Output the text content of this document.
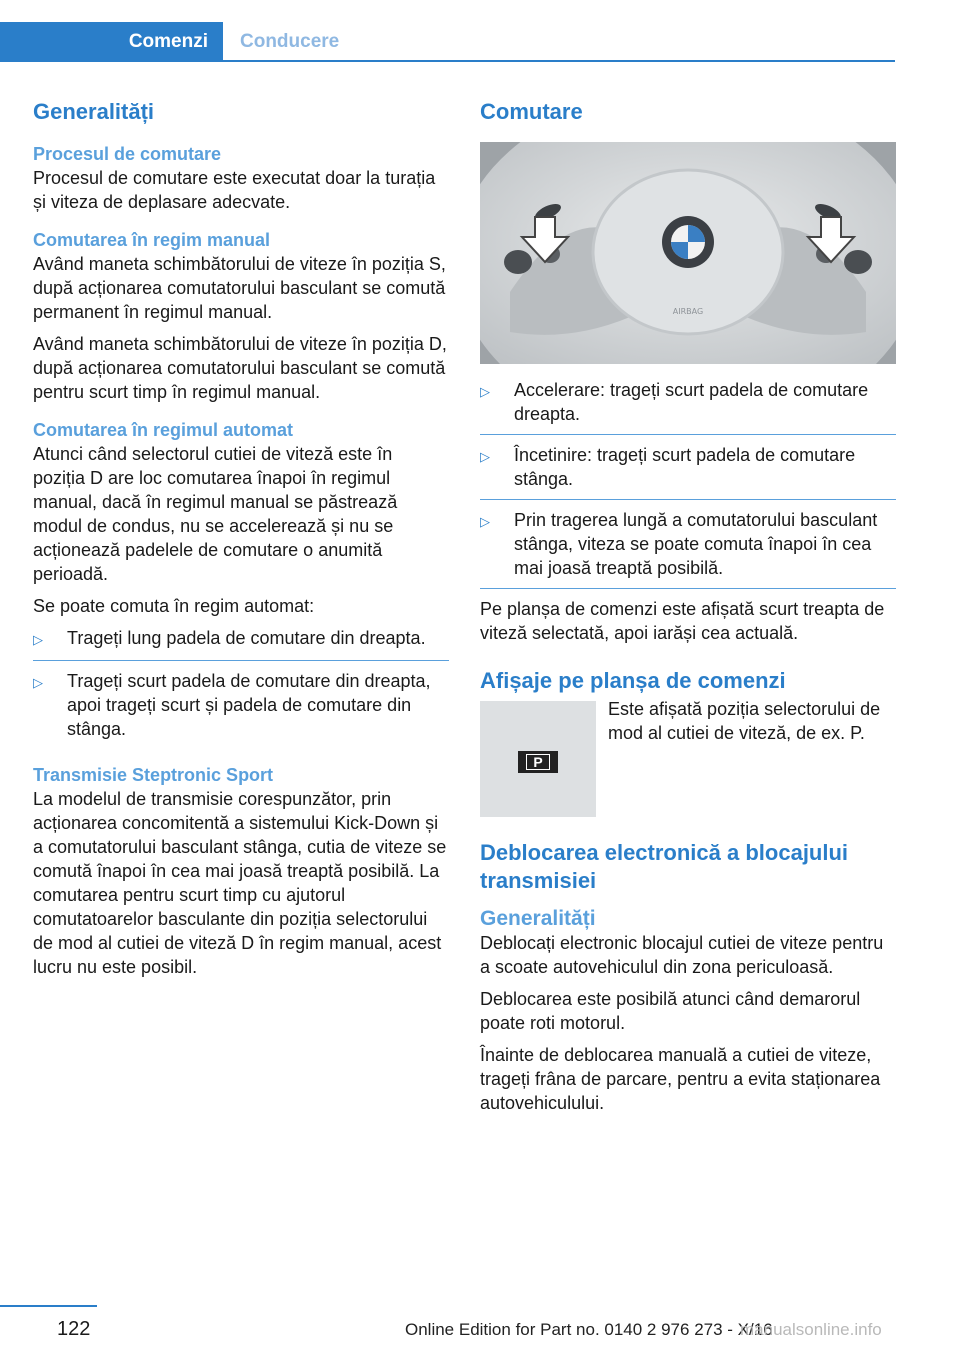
Comenzi Conducere
Generalități
Procesul de comutare
Procesul de comutare este executat doar la turația și viteza de deplasare adecvate.
Comutarea în regim manual
Având maneta schimbătorului de viteze în poziția S, după acționarea comutatorului basculant se comută permanent în regimul manual.
Având maneta schimbătorului de viteze în poziția D, după acționarea comutatorului basculant se comută pentru scurt timp în regimul manual.
Comutarea în regimul automat
Atunci când selectorul cutiei de viteză este în poziția D are loc comutarea înapoi în regimul manual, dacă în regimul manual se păstrează modul de condus, nu se accelerează și nu se acționează padelele de comutare o anumită perioadă.
Se poate comuta în regim automat:
▷	Trageți lung padela de comutare din dreapta.
▷	Trageți scurt padela de comutare din dreapta, apoi trageți scurt și padela de comutare din stânga.
Transmisie Steptronic Sport
La modelul de transmisie corespunzător, prin acționarea concomitentă a sistemului Kick-Down și a comutatorului basculant stânga, cutia de viteze se comută înapoi în cea mai joasă treaptă posibilă. La comutarea pentru scurt timp cu ajutorul comutatoarelor basculante din poziția selectorului de mod al cutiei de viteză D în regim manual, acest lucru nu este posibil.
Comutare
AIRBAG
▷	Accelerare: trageți scurt padela de comutare dreapta.
▷	Încetinire: trageți scurt padela de comutare stânga.
▷	Prin tragerea lungă a comutatorului basculant stânga, viteza se poate comuta înapoi în cea mai joasă treaptă posibilă.
Pe planșa de comenzi este afișată scurt treapta de viteză selectată, apoi iarăși cea actuală.
Afișaje pe planșa de comenzi
P
Este afișată poziția selectorului de mod al cutiei de viteză, de ex. P.
Deblocarea electronică a blocajului transmisiei
Generalități
Deblocați electronic blocajul cutiei de viteze pentru a scoate autovehiculul din zona periculoasă.
Deblocarea este posibilă atunci când demarorul poate roti motorul.
Înainte de deblocarea manuală a cutiei de viteze, trageți frâna de parcare, pentru a evita staționarea autovehiculului.
122	Online Edition for Part no. 0140 2 976 273 - X/16
manualsonline.info
